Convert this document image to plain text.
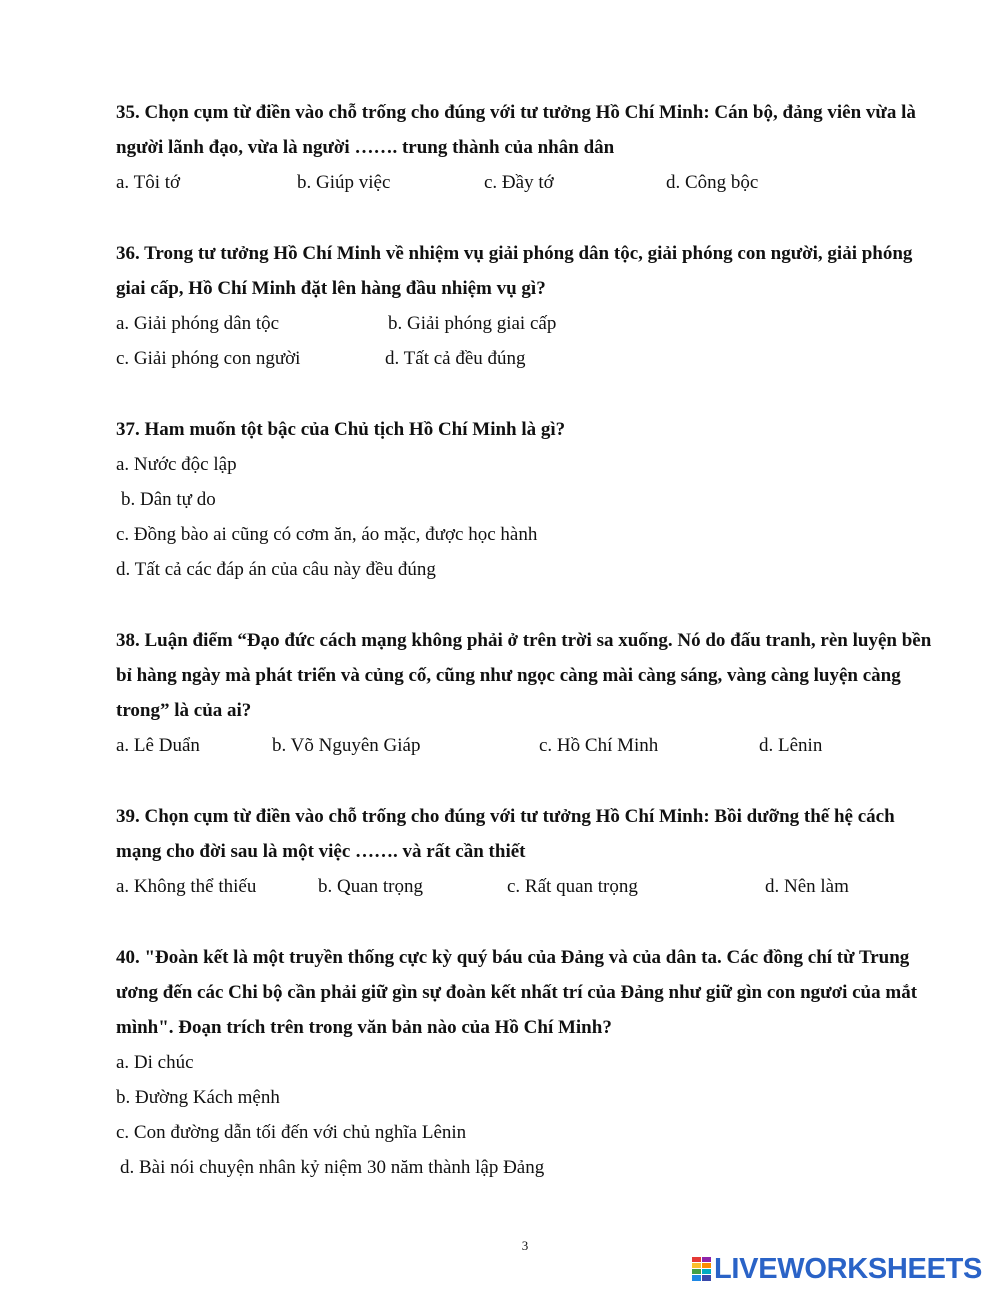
35. Chọn cụm từ điền vào chỗ trống cho đúng với tư tưởng Hồ Chí Minh: Cán bộ, đảng viên vừa là người lãnh đạo, vừa là người ……. trung thành của nhân dân
a. Tôi tớ	b. Giúp việc	c. Đầy tớ	d. Công bộc
36. Trong tư tưởng Hồ Chí Minh về nhiệm vụ giải phóng dân tộc, giải phóng con người, giải phóng giai cấp, Hồ Chí Minh đặt lên hàng đầu nhiệm vụ gì?
a. Giải phóng dân tộc	b. Giải phóng giai cấp
c. Giải phóng con người	d. Tất cả đều đúng
37. Ham muốn tột bậc của Chủ tịch Hồ Chí Minh là gì?
a. Nước độc lập
b. Dân tự do
c. Đồng bào ai cũng có cơm ăn, áo mặc, được học hành
d. Tất cả các đáp án của câu này đều đúng
38. Luận điểm “Đạo đức cách mạng không phải ở trên trời sa xuống. Nó do đấu tranh, rèn luyện bền bỉ hàng ngày mà phát triển và củng cố, cũng như ngọc càng mài càng sáng, vàng càng luyện càng trong” là của ai?
a. Lê Duẩn	b. Võ Nguyên Giáp	c. Hồ Chí Minh	d. Lênin
39. Chọn cụm từ điền vào chỗ trống cho đúng với tư tưởng Hồ Chí Minh: Bồi dưỡng thế hệ cách mạng cho đời sau là một việc ……. và rất cần thiết
a. Không thể thiếu	b. Quan trọng	c. Rất quan trọng	d. Nên làm
40. "Đoàn kết là một truyền thống cực kỳ quý báu của Đảng và của dân ta. Các đồng chí từ Trung ương đến các Chi bộ cần phải giữ gìn sự đoàn kết nhất trí của Đảng như giữ gìn con ngươi của mắt mình". Đoạn trích trên trong văn bản nào của Hồ Chí Minh?
a. Di chúc
b. Đường Kách mệnh
c. Con đường dẫn tối đến với chủ nghĩa Lênin
d. Bài nói chuyện nhân kỷ niệm 30 năm thành lập Đảng
3
LIVEWORKSHEETS
